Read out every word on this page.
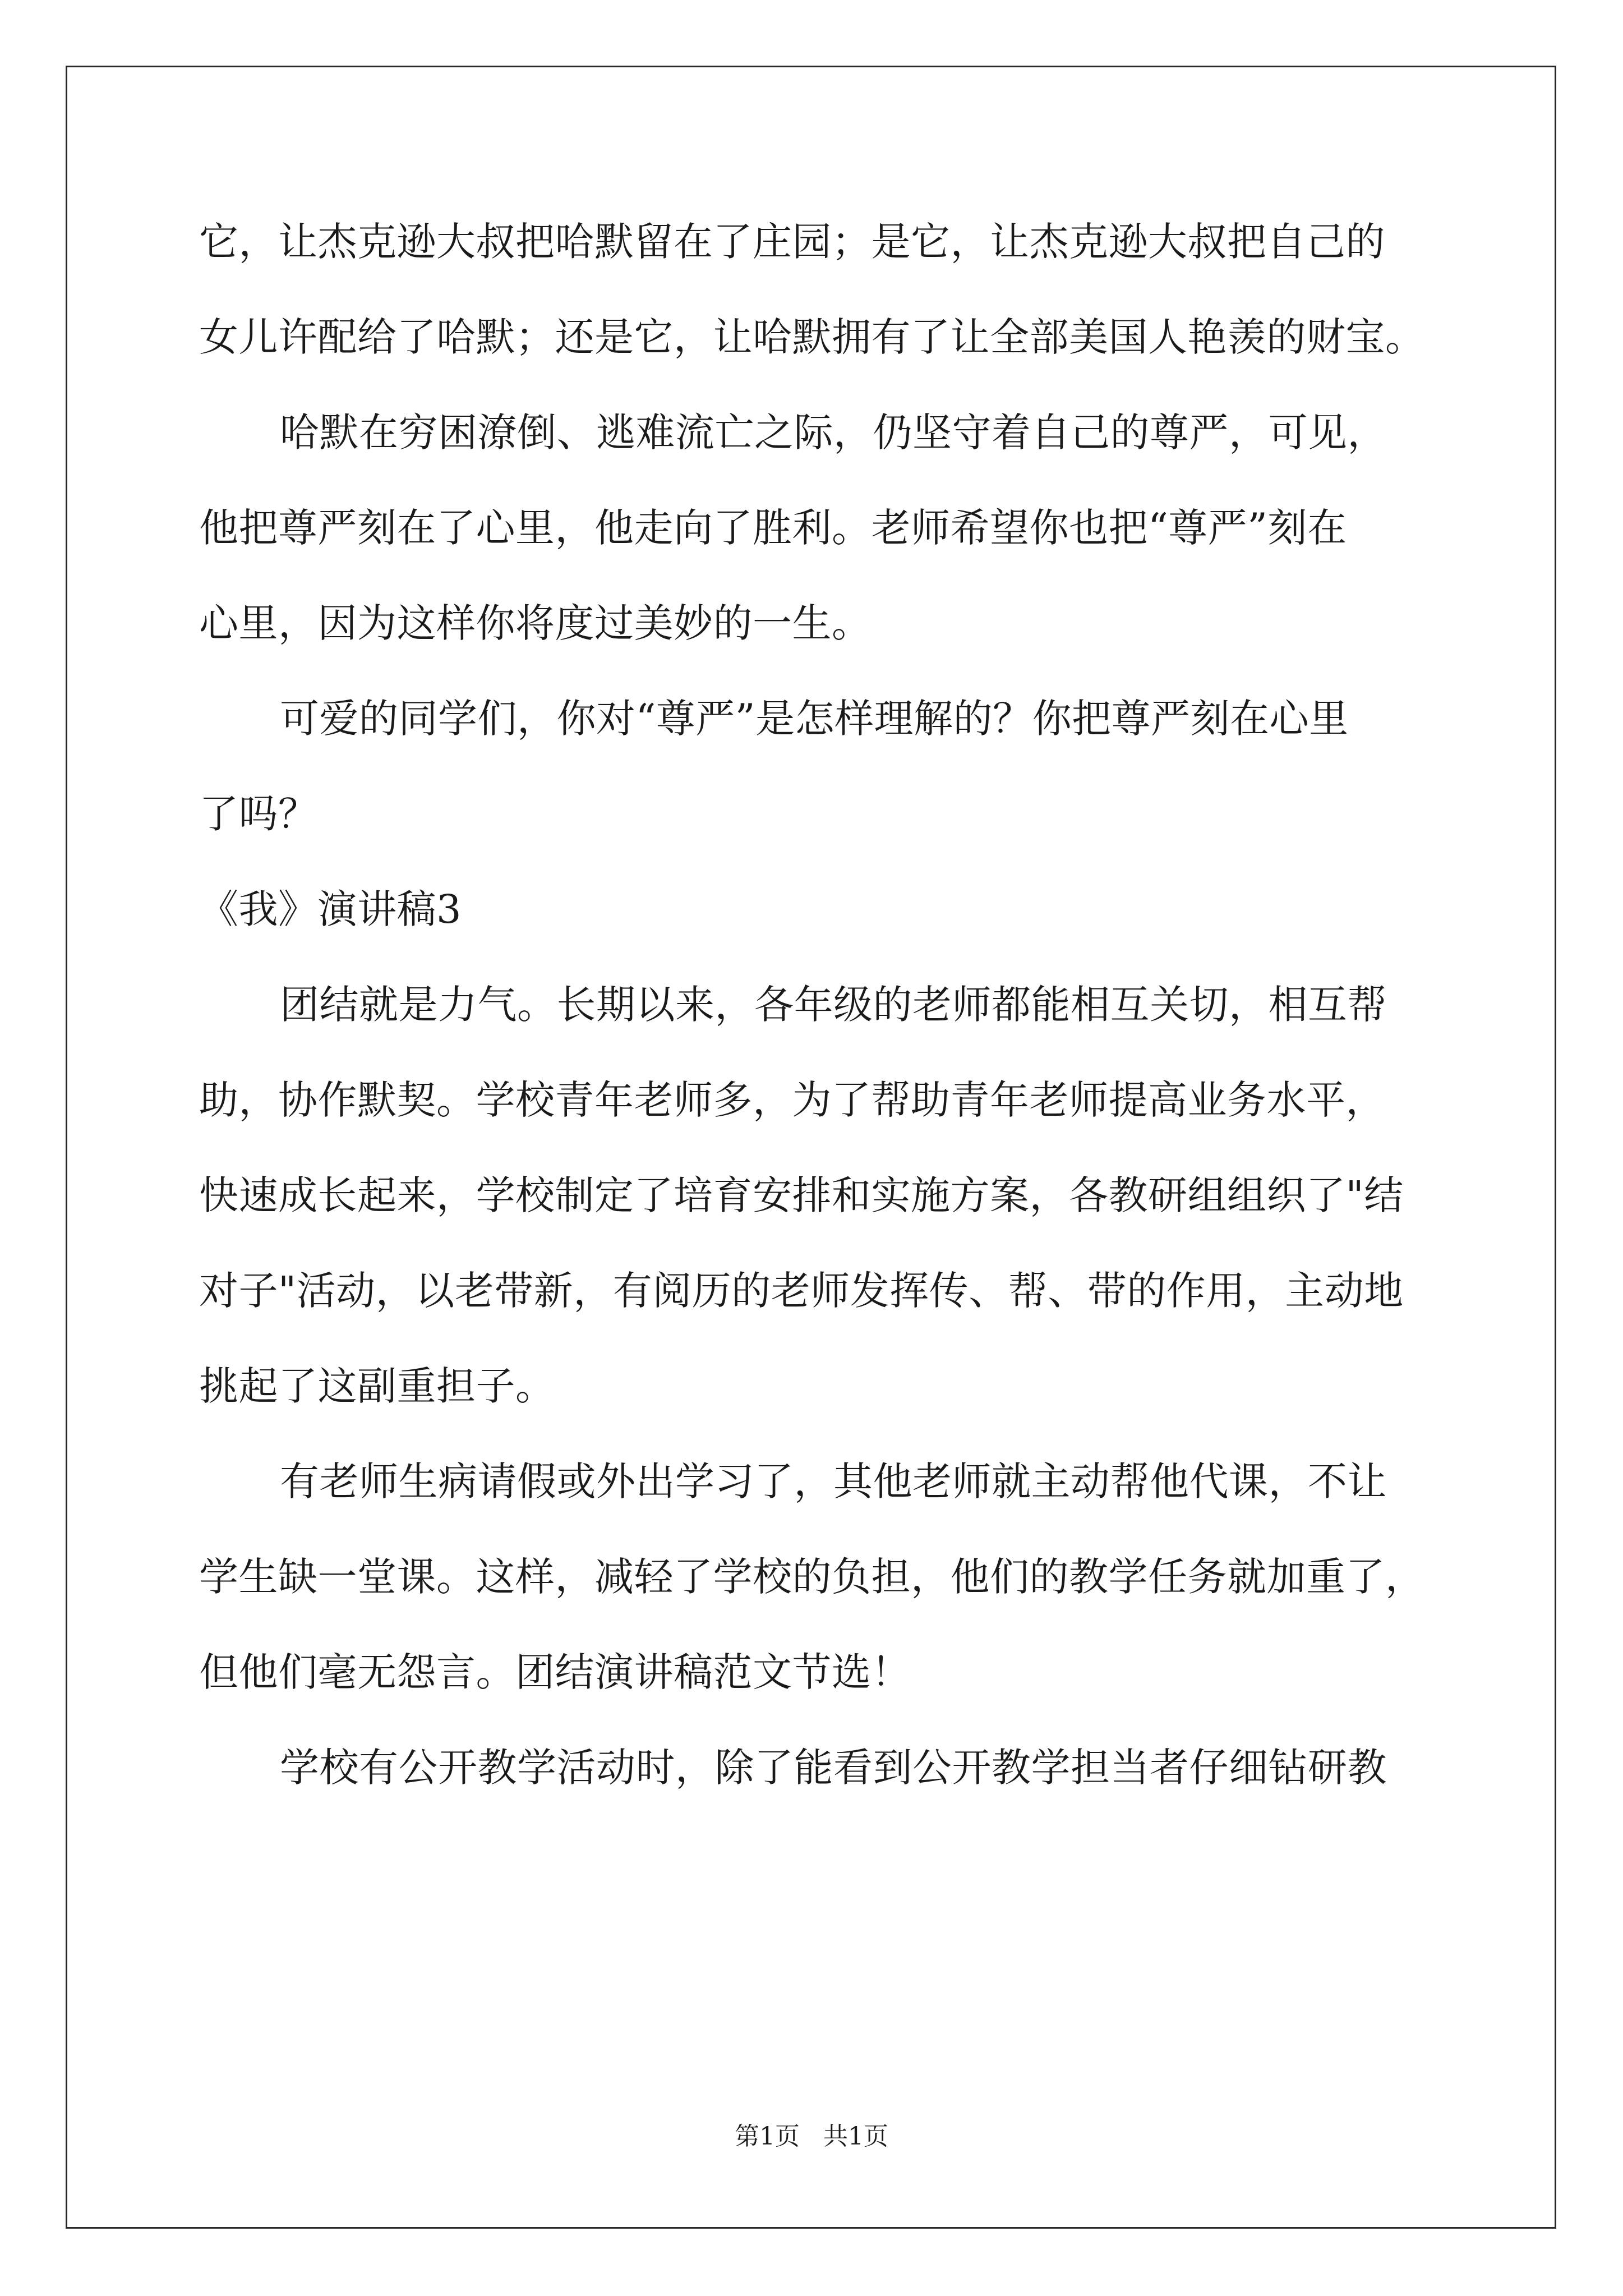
它，让杰克逊大叔把哈默留在了庄园；是它，让杰克逊大叔把自己的
女儿许配给了哈默；还是它，让哈默拥有了让全部美国人艳羡的财宝。
哈默在穷困潦倒、逃难流亡之际，仍坚守着自己的尊严，可见，
他把尊严刻在了心里，他走向了胜利。老师希望你也把“尊严”刻在
心里，因为这样你将度过美妙的一生。
可爱的同学们，你对“尊严”是怎样理解的？你把尊严刻在心里
了吗？
《我》演讲稿3
团结就是力气。长期以来，各年级的老师都能相互关切，相互帮
助，协作默契。学校青年老师多，为了帮助青年老师提高业务水平，
快速成长起来，学校制定了培育安排和实施方案，各教研组组织了"结
对子"活动，以老带新，有阅历的老师发挥传、帮、带的作用，主动地
挑起了这副重担子。
有老师生病请假或外出学习了，其他老师就主动帮他代课，不让
学生缺一堂课。这样，减轻了学校的负担，他们的教学任务就加重了，
但他们毫无怨言。团结演讲稿范文节选！
学校有公开教学活动时，除了能看到公开教学担当者仔细钻研教
第1页   共1页
